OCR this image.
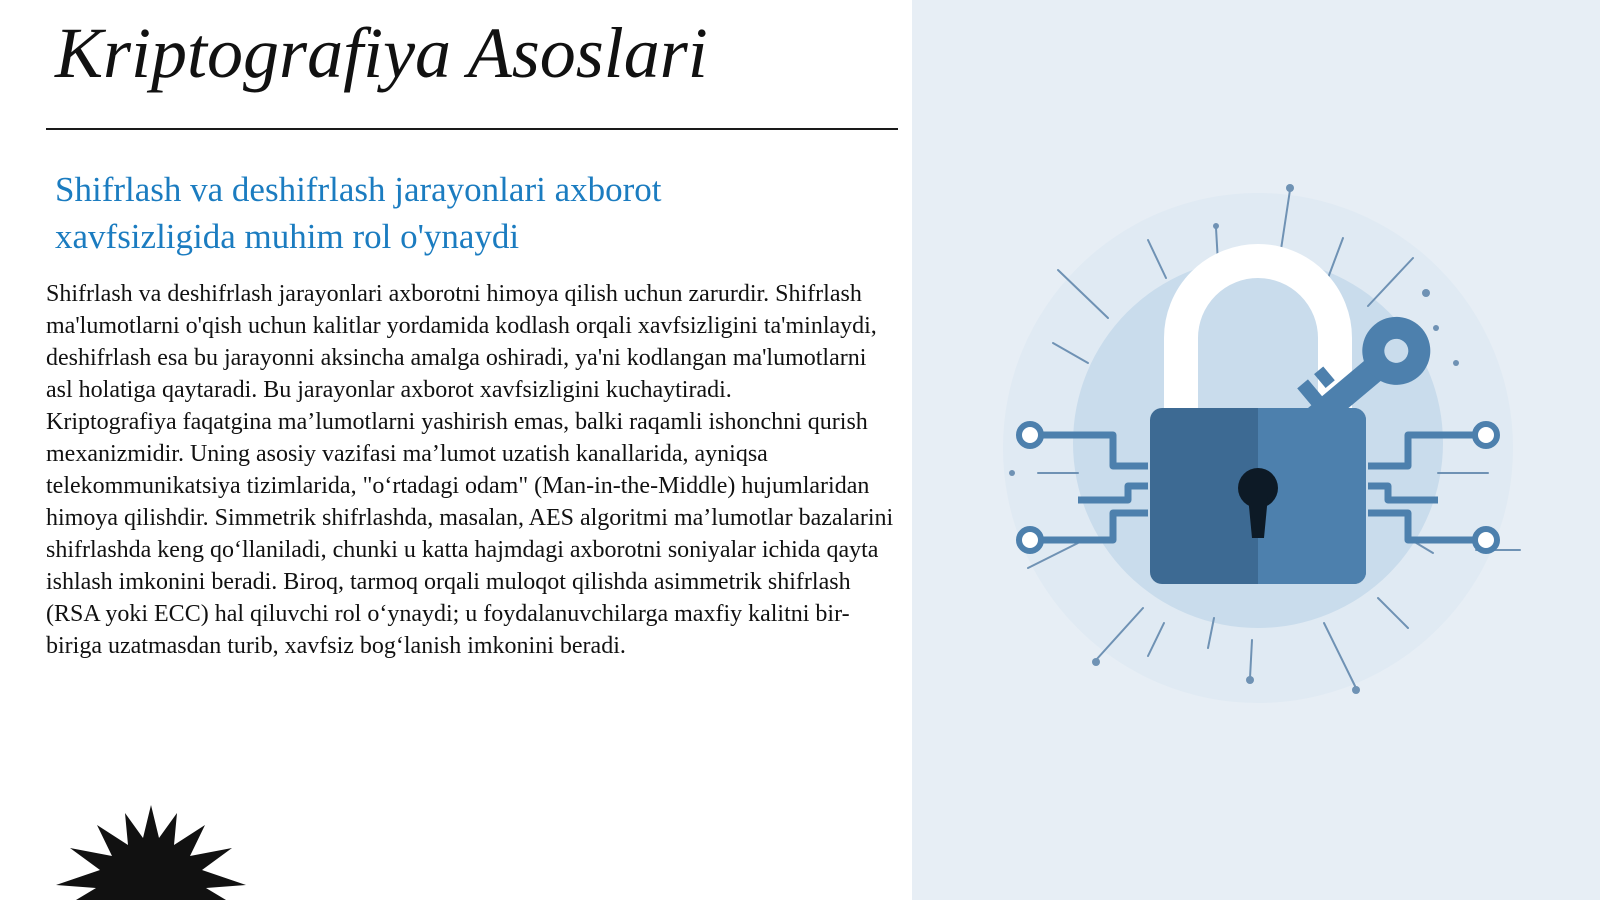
Kriptografiya Asoslari
Shifrlash va deshifrlash jarayonlari axborot xavfsizligida muhim rol o'ynaydi

Shifrlash va deshifrlash jarayonlari axborotni himoya qilish uchun zarurdir. Shifrlash ma'lumotlarni o'qish uchun kalitlar yordamida kodlash orqali xavfsizligini ta'minlaydi, deshifrlash esa bu jarayonni aksincha amalga oshiradi, ya'ni kodlangan ma'lumotlarni asl holatiga qaytaradi. Bu jarayonlar axborot xavfsizligini kuchaytiradi.

Kriptografiya faqatgina ma’lumotlarni yashirish emas, balki raqamli ishonchni qurish mexanizmidir. Uning asosiy vazifasi ma’lumot uzatish kanallarida, ayniqsa telekommunikatsiya tizimlarida, "o‘rtadagi odam" (Man-in-the-Middle) hujumlaridan himoya qilishdir. Simmetrik shifrlashda, masalan, AES algoritmi ma’lumotlar bazalarini shifrlashda keng qo‘llaniladi, chunki u katta hajmdagi axborotni soniyalar ichida qayta ishlash imkonini beradi. Biroq, tarmoq orqali muloqot qilishda asimmetrik shifrlash (RSA yoki ECC) hal qiluvchi rol o‘ynaydi; u foydalanuvchilarga maxfiy kalitni bir-biriga uzatmasdan turib, xavfsiz bog‘lanish imkonini beradi.
